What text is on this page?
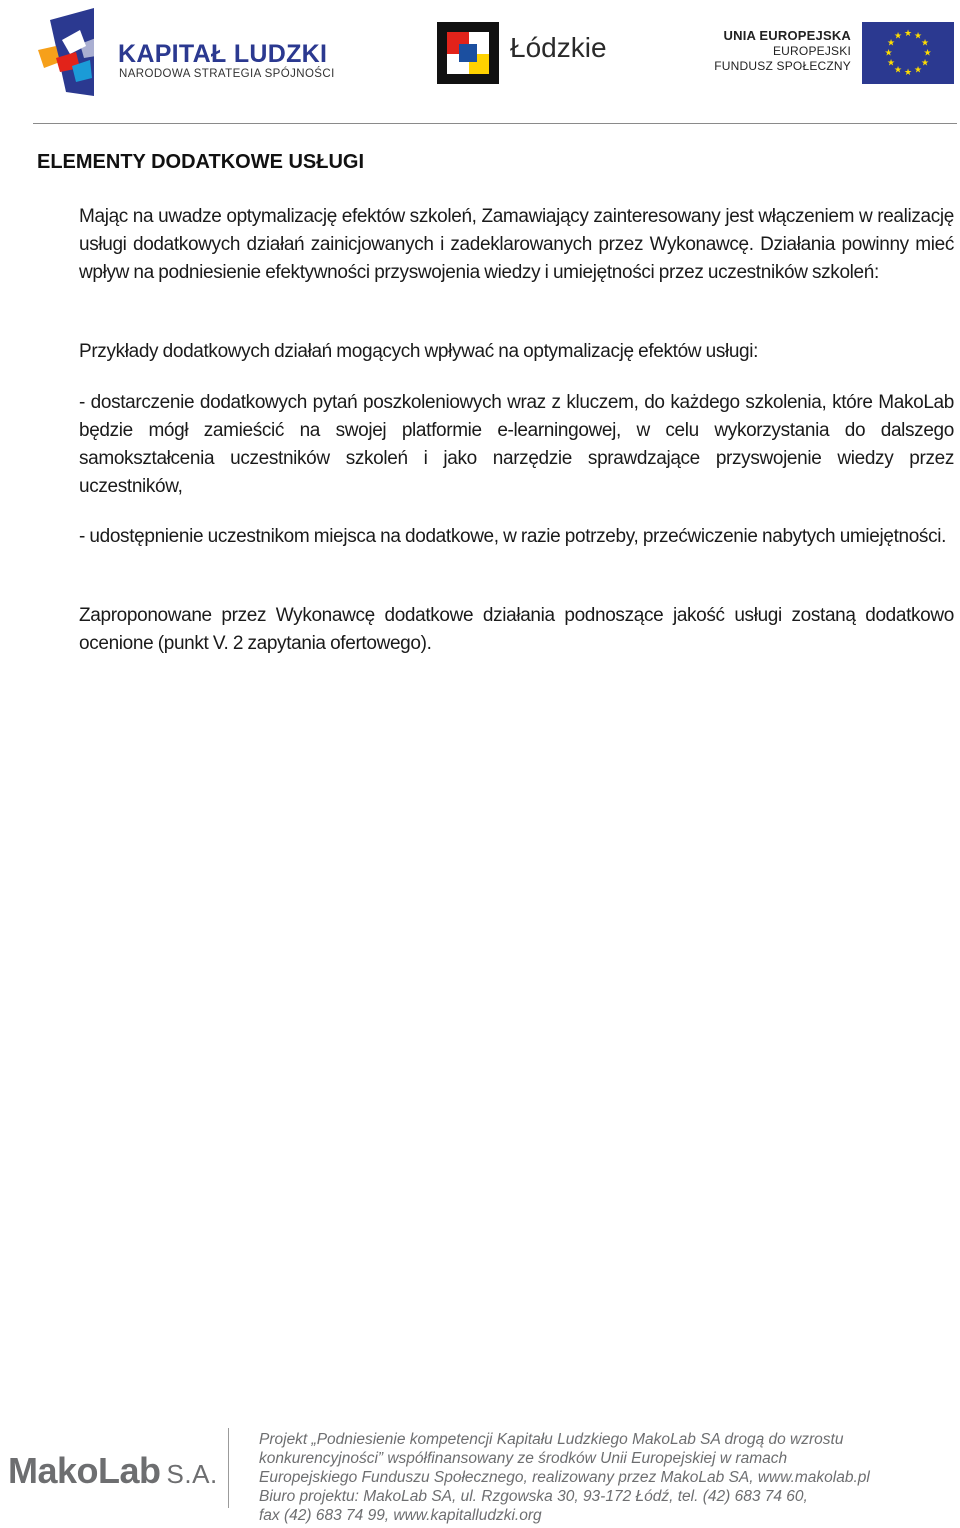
KAPITAŁ LUDZKI
NARODOWA STRATEGIA SPÓJNOŚCI
Łódzkie	UNIA EUROPEJSKA
EUROPEJSKI
FUNDUSZ SPOŁECZNY
★ ★
★
★
★
★
★
★
★
★
★
★
ELEMENTY DODATKOWE USŁUGI
Mając na uwadze optymalizację efektów szkoleń, Zamawiający zainteresowany jest włączeniem w realizację usługi dodatkowych działań zainicjowanych i zadeklarowanych przez Wykonawcę. Działania powinny mieć wpływ na podniesienie efektywności przyswojenia wiedzy i umiejętności przez uczestników szkoleń:
Przykłady dodatkowych działań mogących wpływać na optymalizację efektów usługi:
- dostarczenie dodatkowych pytań poszkoleniowych wraz z kluczem, do każdego szkolenia, które MakoLab będzie mógł zamieścić na swojej platformie e-learningowej, w celu wykorzystania do dalszego samokształcenia uczestników szkoleń i jako narzędzie sprawdzające przyswojenie wiedzy przez uczestników,
- udostępnienie uczestnikom miejsca na dodatkowe, w razie potrzeby, przećwiczenie nabytych umiejętności.
Zaproponowane przez Wykonawcę dodatkowe działania podnoszące jakość usługi zostaną dodatkowo ocenione (punkt V. 2 zapytania ofertowego).
MakoLab S.A.
Projekt „Podniesienie kompetencji Kapitału Ludzkiego MakoLab SA drogą do wzrostu
konkurencyjności” współfinansowany ze środków Unii Europejskiej w ramach
Europejskiego Funduszu Społecznego, realizowany przez MakoLab SA, www.makolab.pl
Biuro projektu: MakoLab SA, ul. Rzgowska 30, 93-172 Łódź, tel. (42) 683 74 60,
fax (42) 683 74 99, www.kapitalludzki.org
